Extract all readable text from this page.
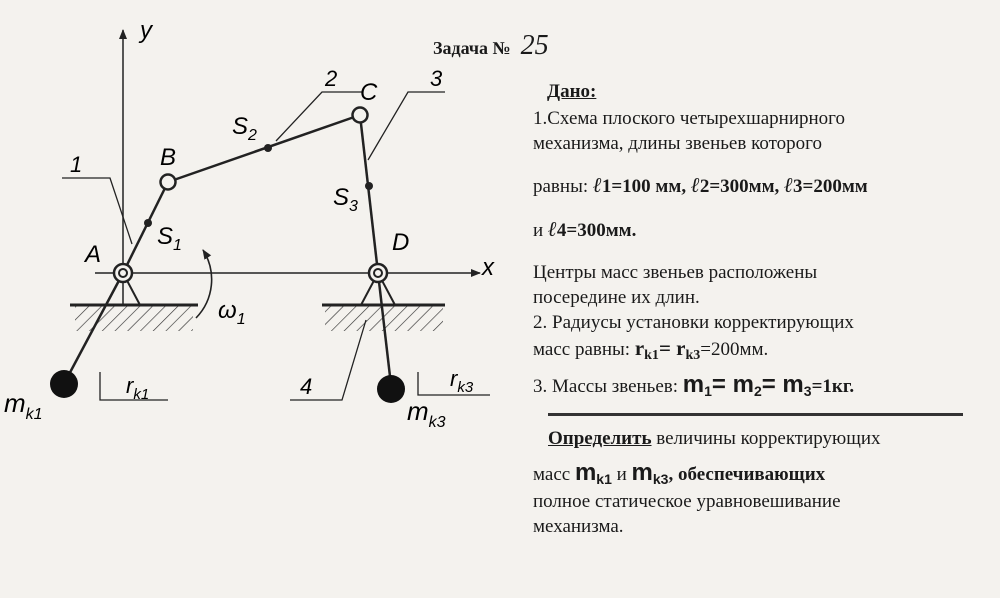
y
x
A
B
C
D
1
2	3
4
$S_1$
$S_2$
$S_3$
$\omega_1$
$r_{k1}$
$r_{k3}$
$m_{k1}$	$m_{k3}$
Задача № 25
Дано:

1.Схема плоского четырехшарнирного

механизма, длины звеньев которого

равны: ℓ1=100 мм, ℓ2=300мм, ℓ3=200мм

и ℓ4=300мм.

Центры масс звеньев расположены

посередине их длин.

2. Радиусы установки корректирующих

масс равны: $r_{k1}= r_{k3}=200мм$.

3. Массы звеньев: $m_1= m_2= m_3=1кг$.

Определить величины корректирующих

масс $m_{k1}$ и $m_{k3}$, обеспечивающих

полное статическое уравновешивание

механизма.
